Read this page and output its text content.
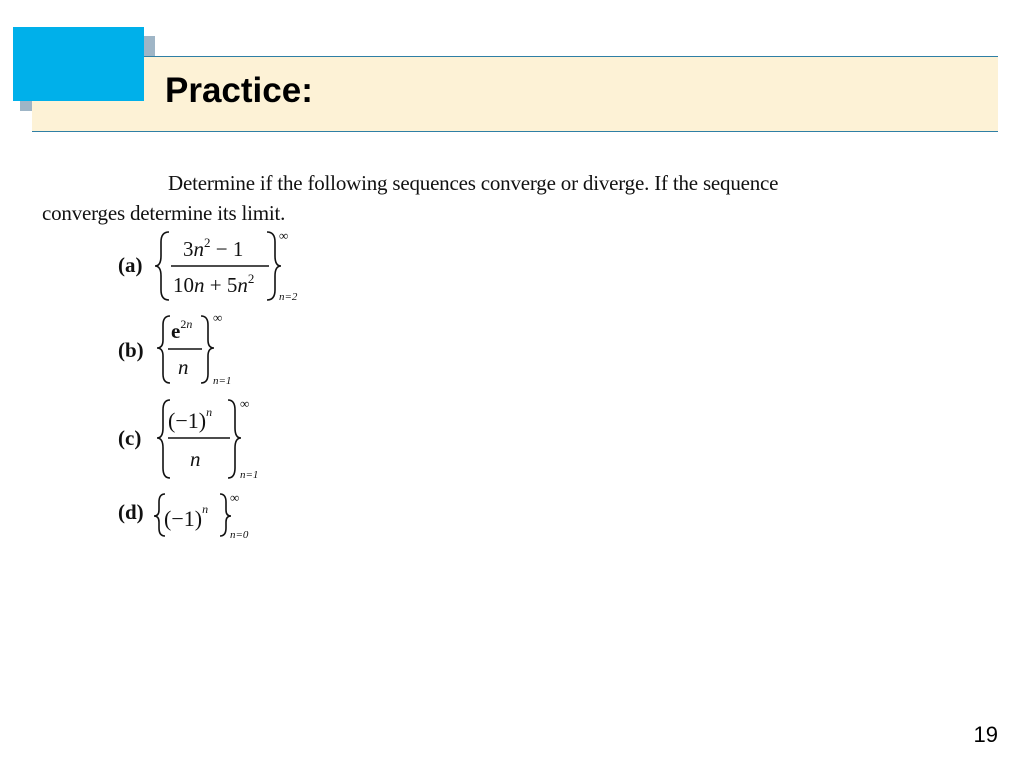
Practice:
Determine if the following sequences converge or diverge. If the sequence
converges determine its limit.
(a)
$3n^2 - 1$
$10n + 5n^2$
∞
n=2
(b)
$e^2n$
n
∞
n=1
(c)
$(-1)^n$
n
∞
n=1
(d) $(-1)^n$
∞
n=0
19
